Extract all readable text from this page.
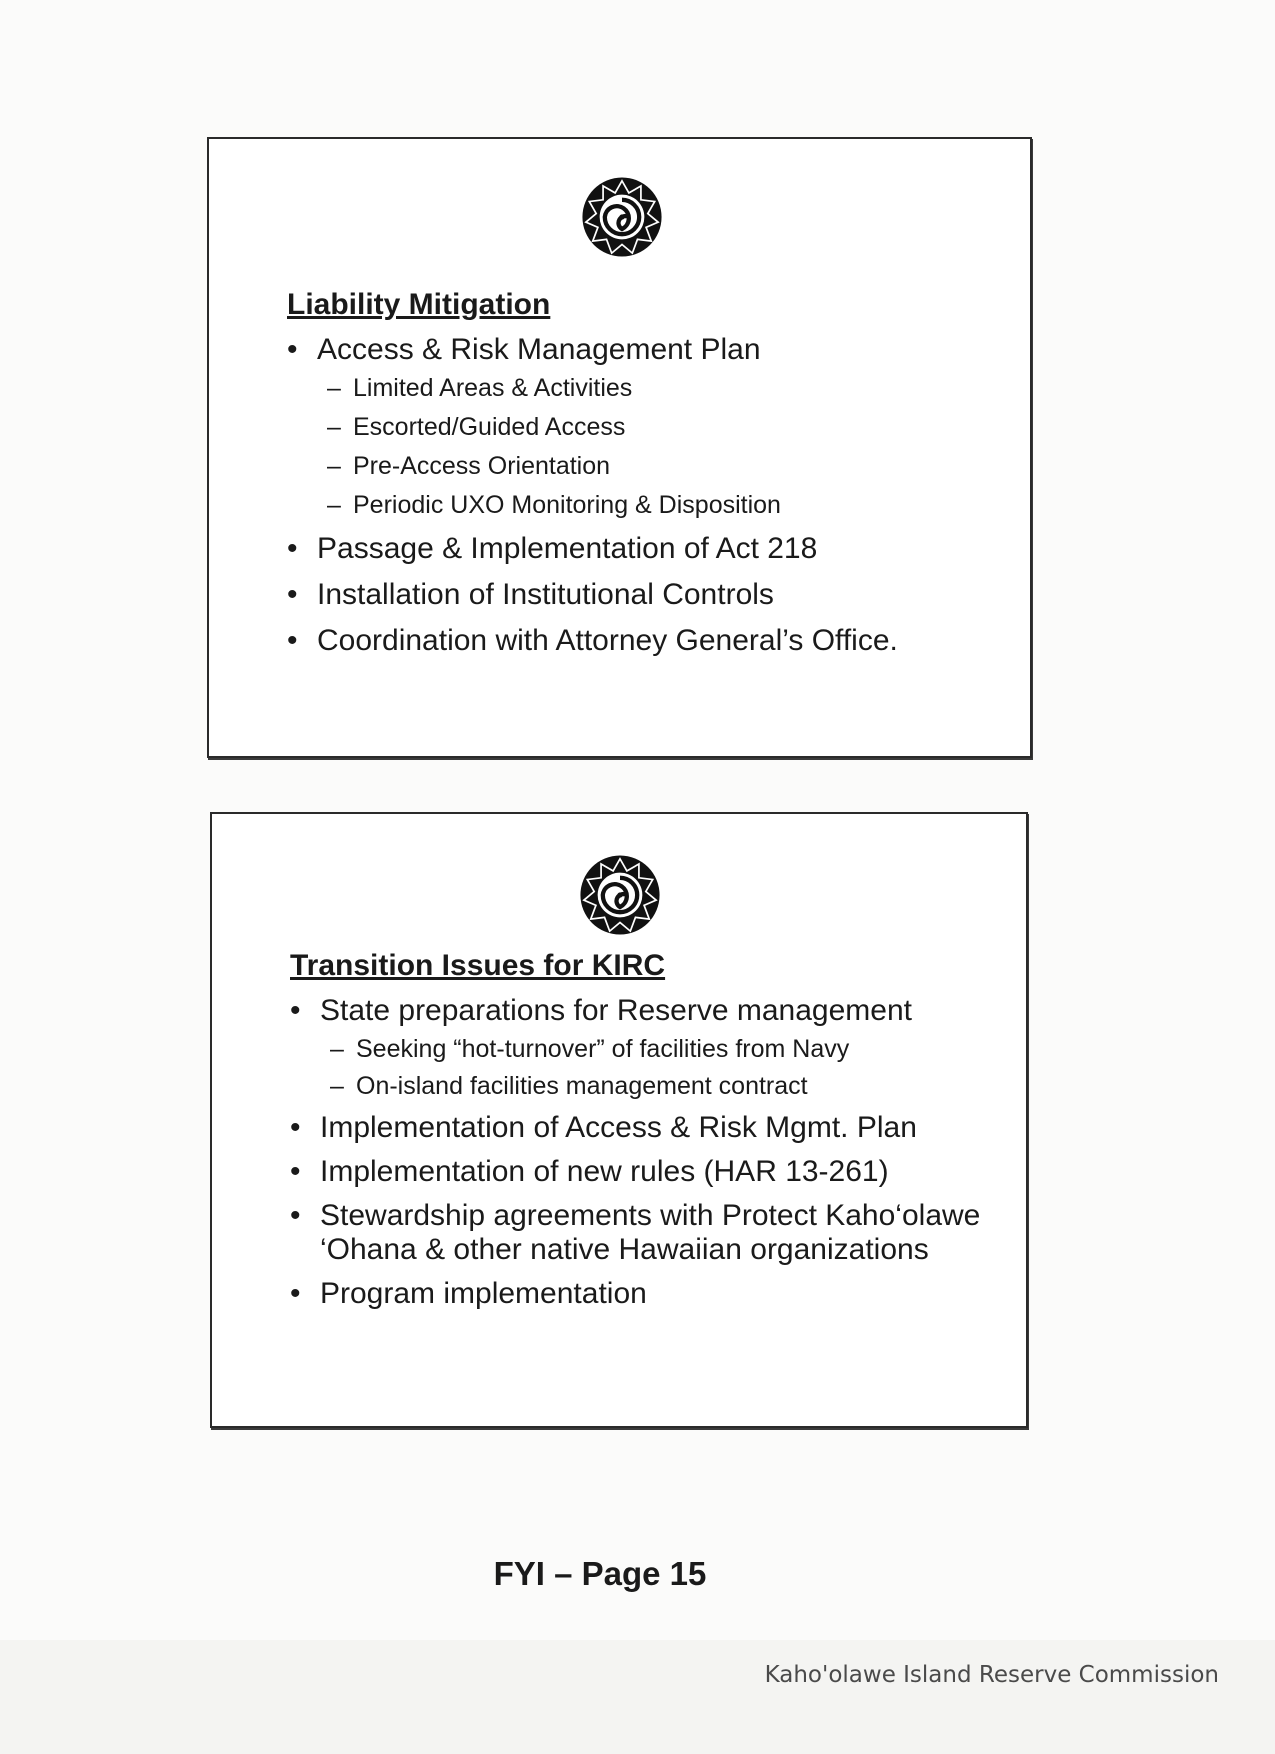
Liability Mitigation
• Access & Risk Management Plan
– Limited Areas & Activities
– Escorted/Guided Access
– Pre-Access Orientation
– Periodic UXO Monitoring & Disposition
• Passage & Implementation of Act 218
• Installation of Institutional Controls
• Coordination with Attorney General’s Office.
Transition Issues for KIRC
• State preparations for Reserve management
– Seeking “hot-turnover” of facilities from Navy
– On-island facilities management contract
• Implementation of Access & Risk Mgmt. Plan
• Implementation of new rules (HAR 13-261)
• Stewardship agreements with Protect Kaho‘olawe ‘Ohana & other native Hawaiian organizations
• Program implementation
FYI – Page 15
Kaho'olawe Island Reserve Commission
